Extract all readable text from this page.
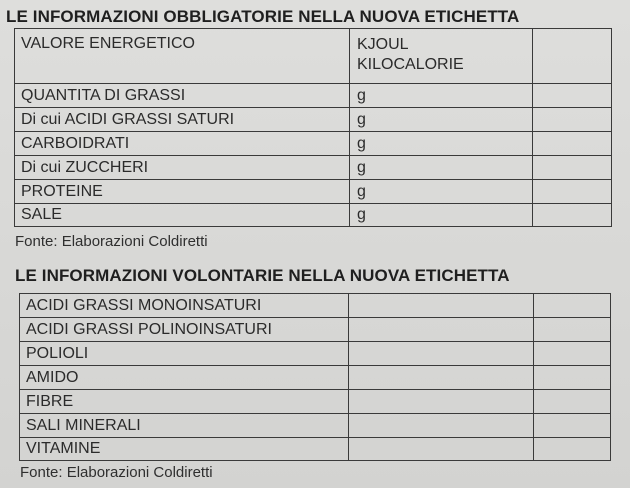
LE INFORMAZIONI OBBLIGATORIE NELLA NUOVA ETICHETTA
VALORE ENERGETICO	KJOUL
KILOCALORIE	

QUANTITA DI GRASSI	g	
Di cui ACIDI GRASSI SATURI	g	
CARBOIDRATI	g	
Di cui ZUCCHERI	g	
PROTEINE	g	
SALE	g	
Fonte: Elaborazioni Coldiretti
LE INFORMAZIONI VOLONTARIE NELLA NUOVA ETICHETTA
ACIDI GRASSI MONOINSATURI		
ACIDI GRASSI POLINOINSATURI		
POLIOLI		
AMIDO		
FIBRE		
SALI MINERALI		
VITAMINE		
Fonte: Elaborazioni Coldiretti
